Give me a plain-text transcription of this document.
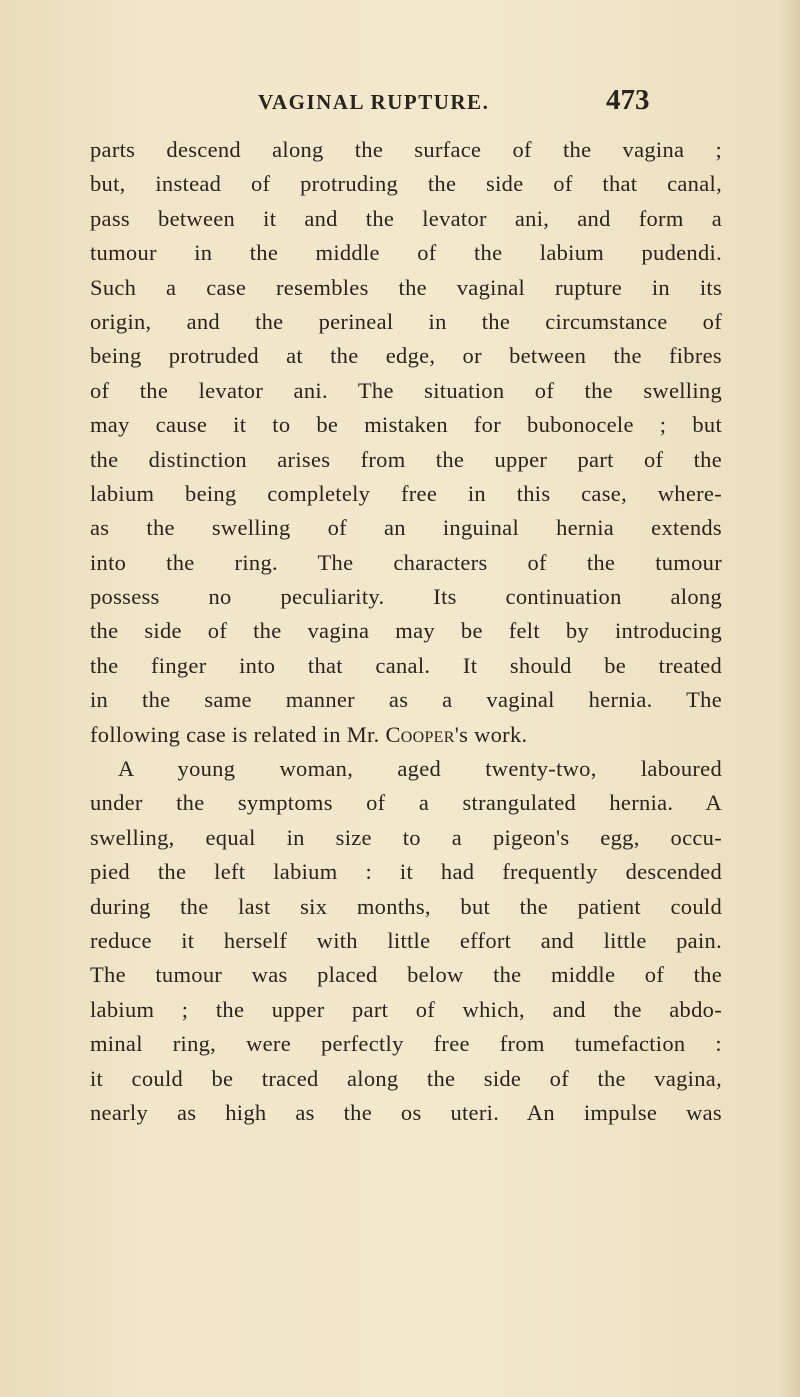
VAGINAL RUPTURE.	473
parts descend along the surface of the vagina ;
but, instead of protruding the side of that canal,
pass between it and the levator ani, and form a
tumour in the middle of the labium pudendi.
Such a case resembles the vaginal rupture in its
origin, and the perineal in the circumstance of
being protruded at the edge, or between the fibres
of the levator ani. The situation of the swelling
may cause it to be mistaken for bubonocele ; but
the distinction arises from the upper part of the
labium being completely free in this case, where-
as the swelling of an inguinal hernia extends
into the ring. The characters of the tumour
possess no peculiarity. Its continuation along
the side of the vagina may be felt by introducing
the finger into that canal. It should be treated
in the same manner as a vaginal hernia. The
following case is related in Mr. Cooper's work.
A young woman, aged twenty-two, laboured
under the symptoms of a strangulated hernia. A
swelling, equal in size to a pigeon's egg, occu-
pied the left labium : it had frequently descended
during the last six months, but the patient could
reduce it herself with little effort and little pain.
The tumour was placed below the middle of the
labium ; the upper part of which, and the abdo-
minal ring, were perfectly free from tumefaction :
it could be traced along the side of the vagina,
nearly as high as the os uteri. An impulse was
